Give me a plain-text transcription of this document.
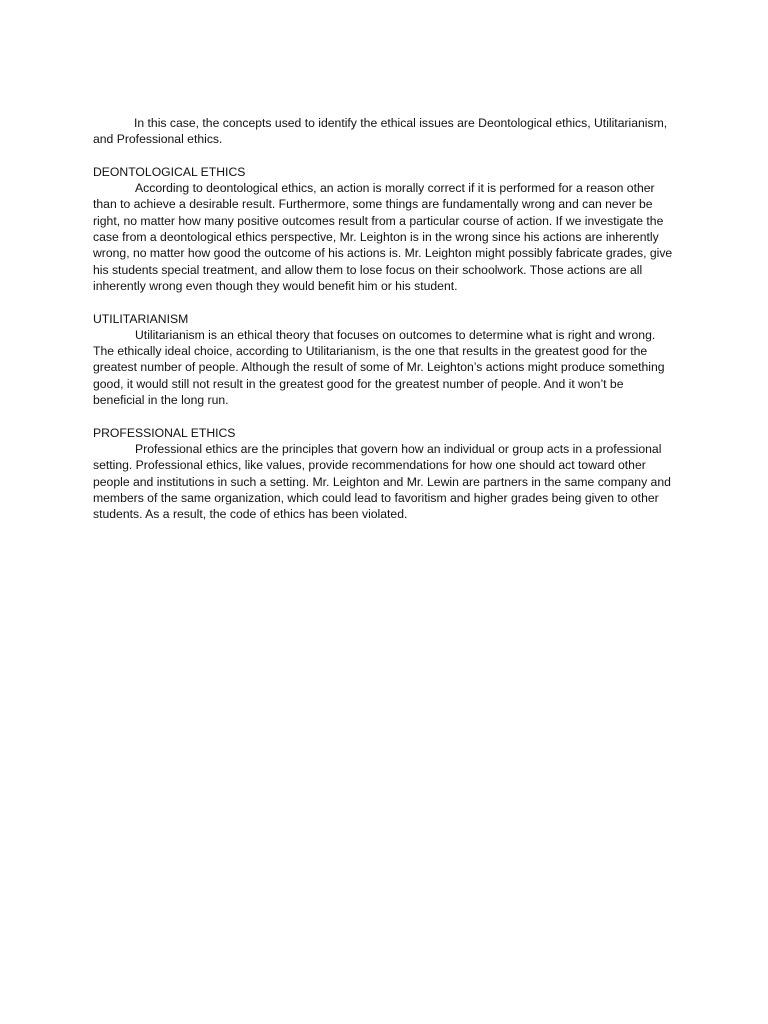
In this case, the concepts used to identify the ethical issues are Deontological ethics, Utilitarianism, and Professional ethics.

DEONTOLOGICAL ETHICS

According to deontological ethics, an action is morally correct if it is performed for a reason other than to achieve a desirable result. Furthermore, some things are fundamentally wrong and can never be right, no matter how many positive outcomes result from a particular course of action. If we investigate the case from a deontological ethics perspective, Mr. Leighton is in the wrong since his actions are inherently wrong, no matter how good the outcome of his actions is. Mr. Leighton might possibly fabricate grades, give his students special treatment, and allow them to lose focus on their schoolwork. Those actions are all inherently wrong even though they would benefit him or his student.

UTILITARIANISM

Utilitarianism is an ethical theory that focuses on outcomes to determine what is right and wrong. The ethically ideal choice, according to Utilitarianism, is the one that results in the greatest good for the greatest number of people. Although the result of some of Mr. Leighton’s actions might produce something good, it would still not result in the greatest good for the greatest number of people. And it won’t be beneficial in the long run.

PROFESSIONAL ETHICS

Professional ethics are the principles that govern how an individual or group acts in a professional setting. Professional ethics, like values, provide recommendations for how one should act toward other people and institutions in such a setting. Mr. Leighton and Mr. Lewin are partners in the same company and members of the same organization, which could lead to favoritism and higher grades being given to other students. As a result, the code of ethics has been violated.
